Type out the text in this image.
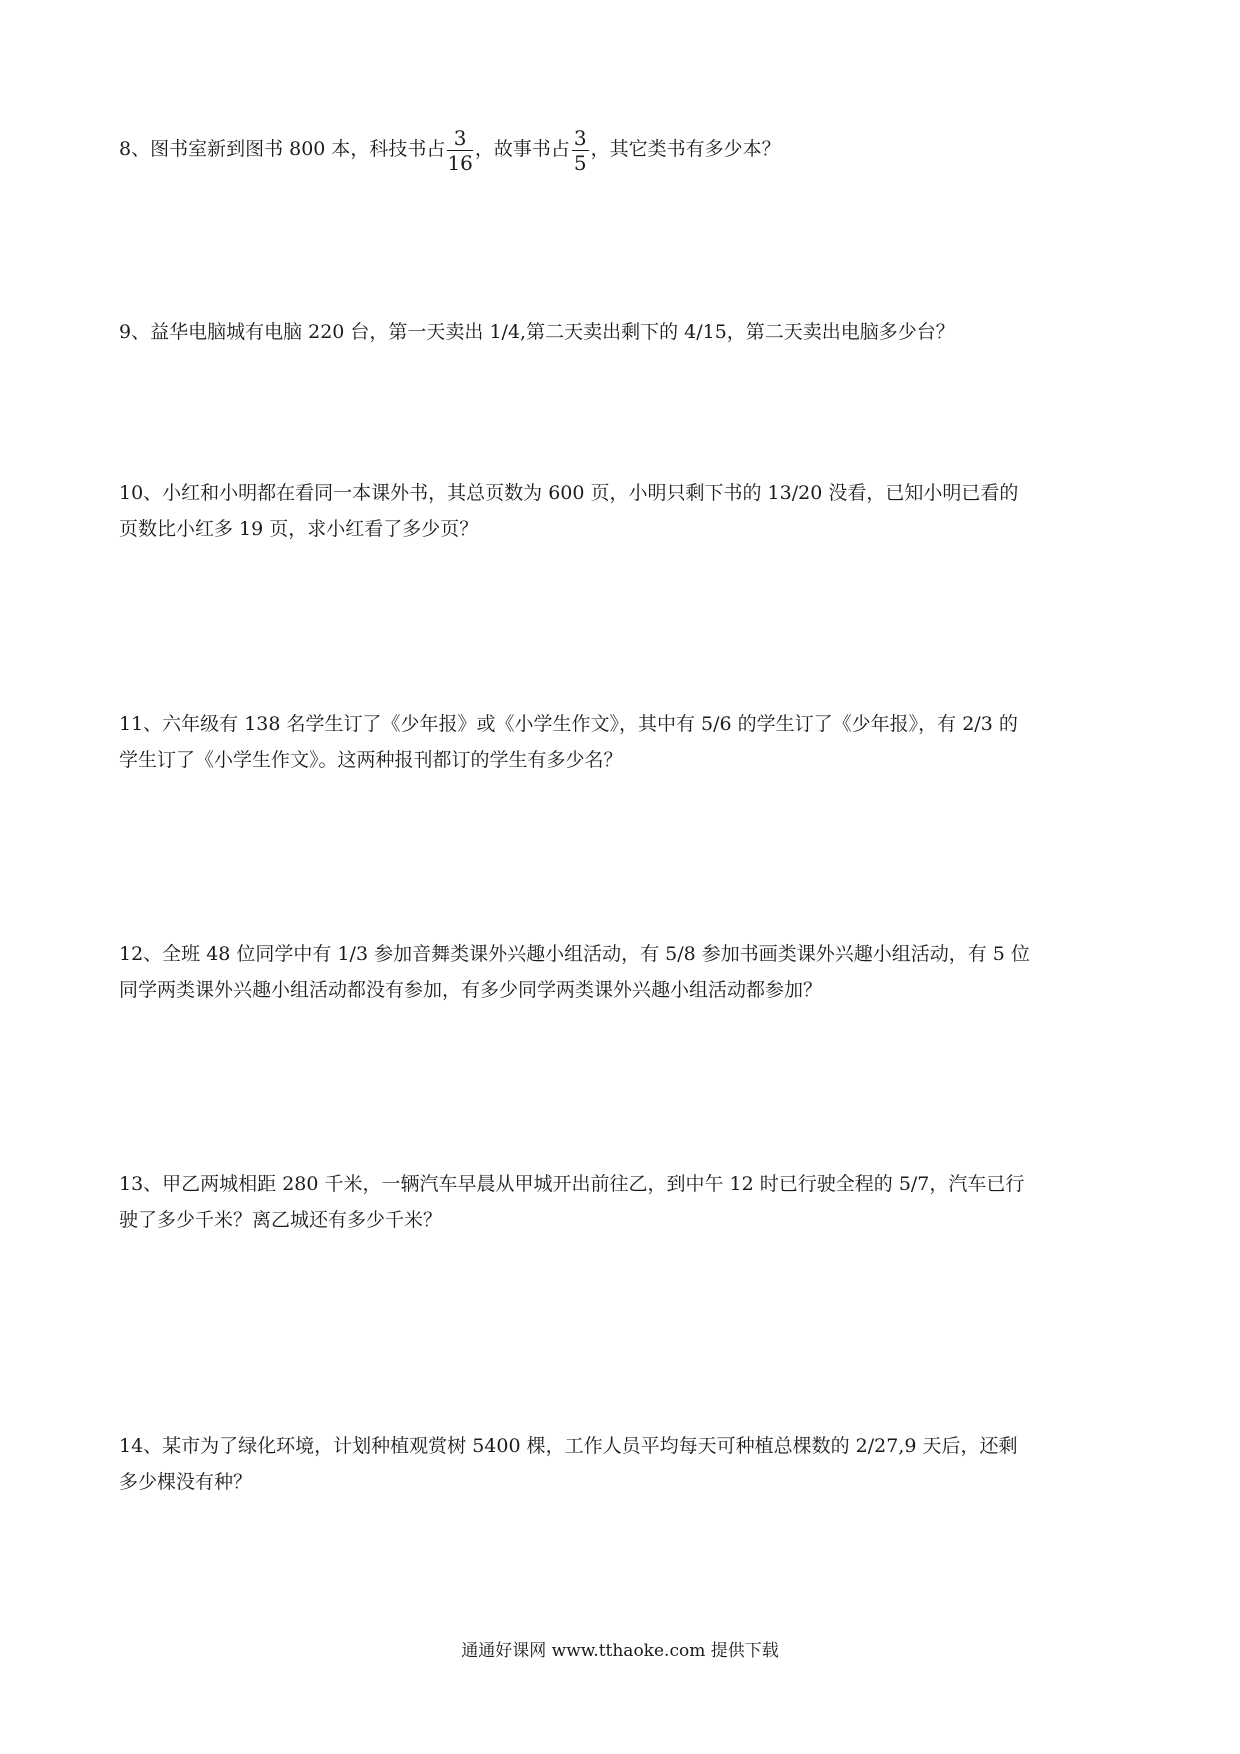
8、图书室新到图书 800 本，科技书占 $\frac{3}{16}$ ，故事书占 $\frac{3}{5}$ ，其它类书有多少本？

9、益华电脑城有电脑 220 台，第一天卖出 1/4,第二天卖出剩下的 4/15，第二天卖出电脑多少台？

10、小红和小明都在看同一本课外书，其总页数为 600 页，小明只剩下书的 13/20 没看，已知小明已看的

页数比小红多 19 页，求小红看了多少页？

11、六年级有 138 名学生订了《少年报》或《小学生作文》，其中有 5/6 的学生订了《少年报》，有 2/3 的

学生订了《小学生作文》。这两种报刊都订的学生有多少名？

12、全班 48 位同学中有 1/3 参加音舞类课外兴趣小组活动，有 5/8 参加书画类课外兴趣小组活动，有 5 位

同学两类课外兴趣小组活动都没有参加，有多少同学两类课外兴趣小组活动都参加？

13、甲乙两城相距 280 千米，一辆汽车早晨从甲城开出前往乙，到中午 12 时已行驶全程的 5/7，汽车已行

驶了多少千米？离乙城还有多少千米？

14、某市为了绿化环境，计划种植观赏树 5400 棵，工作人员平均每天可种植总棵数的 2/27,9 天后，还剩

多少棵没有种？

通通好课网 www.tthaoke.com 提供下载
